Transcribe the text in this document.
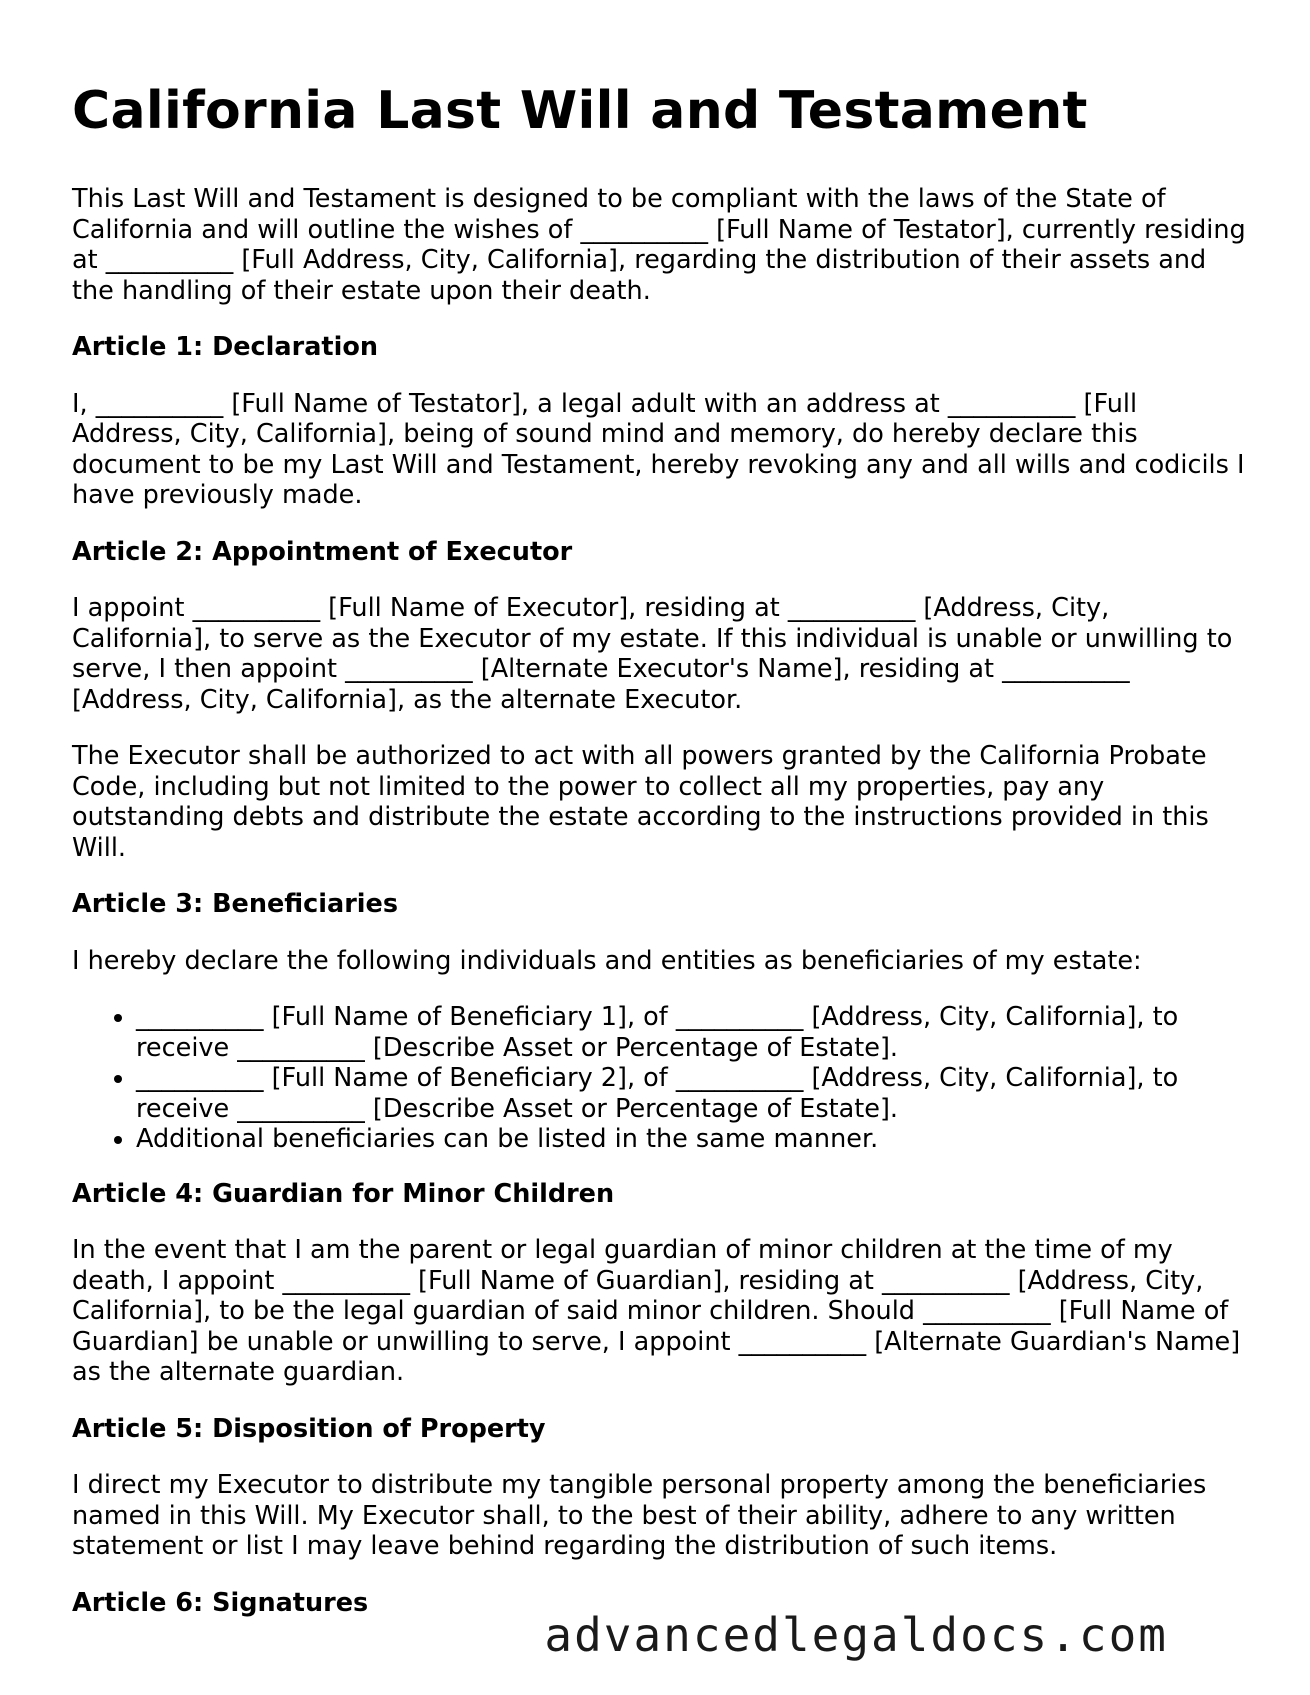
California Last Will and Testament

This Last Will and Testament is designed to be compliant with the laws of the State of California and will outline the wishes of __________ [Full Name of Testator], currently residing at __________ [Full Address, City, California], regarding the distribution of their assets and the handling of their estate upon their death.

Article 1: Declaration

I, __________ [Full Name of Testator], a legal adult with an address at __________ [Full Address, City, California], being of sound mind and memory, do hereby declare this document to be my Last Will and Testament, hereby revoking any and all wills and codicils I have previously made.

Article 2: Appointment of Executor

I appoint __________ [Full Name of Executor], residing at __________ [Address, City, California], to serve as the Executor of my estate. If this individual is unable or unwilling to serve, I then appoint __________ [Alternate Executor's Name], residing at __________ [Address, City, California], as the alternate Executor.

The Executor shall be authorized to act with all powers granted by the California Probate Code, including but not limited to the power to collect all my properties, pay any outstanding debts and distribute the estate according to the instructions provided in this Will.

Article 3: Beneficiaries

I hereby declare the following individuals and entities as beneficiaries of my estate:

• __________ [Full Name of Beneficiary 1], of __________ [Address, City, California], to receive __________ [Describe Asset or Percentage of Estate].
• __________ [Full Name of Beneficiary 2], of __________ [Address, City, California], to receive __________ [Describe Asset or Percentage of Estate].
• Additional beneficiaries can be listed in the same manner.
Article 4: Guardian for Minor Children

In the event that I am the parent or legal guardian of minor children at the time of my death, I appoint __________ [Full Name of Guardian], residing at __________ [Address, City, California], to be the legal guardian of said minor children. Should __________ [Full Name of Guardian] be unable or unwilling to serve, I appoint __________ [Alternate Guardian's Name] as the alternate guardian.

Article 5: Disposition of Property

I direct my Executor to distribute my tangible personal property among the beneficiaries named in this Will. My Executor shall, to the best of their ability, adhere to any written statement or list I may leave behind regarding the distribution of such items.

Article 6: Signatures
advancedlegaldocs.com
